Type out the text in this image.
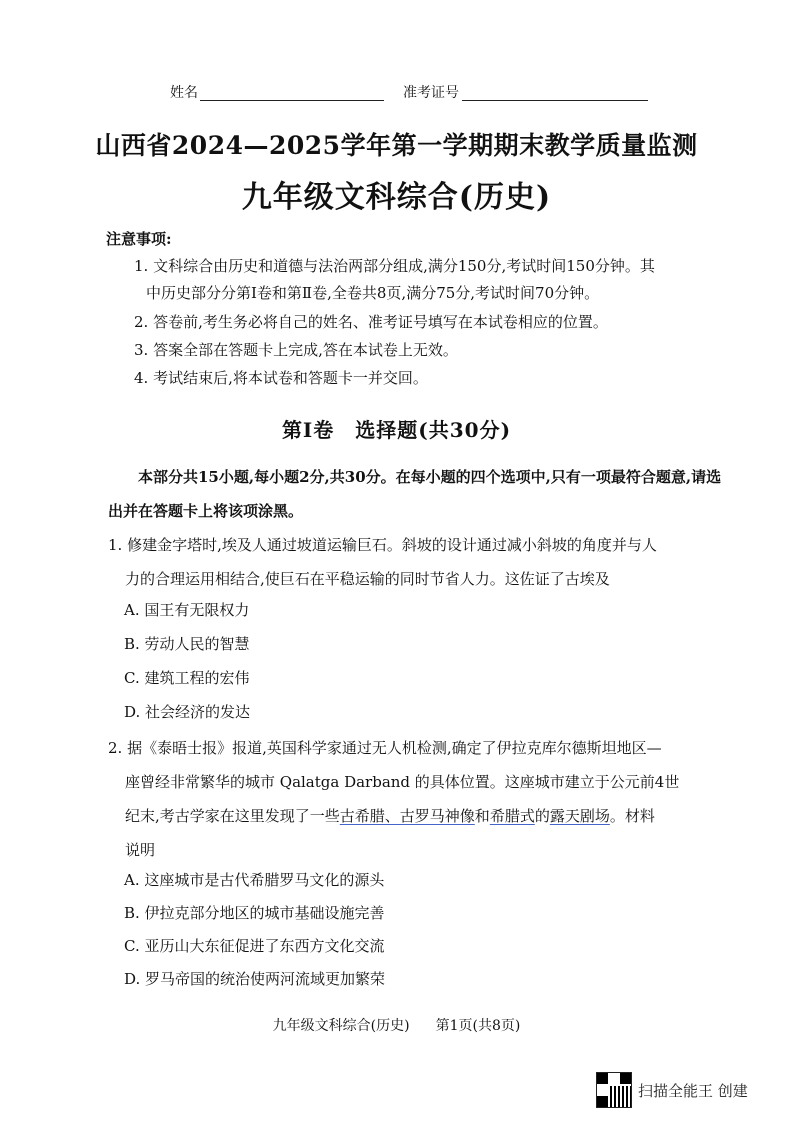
姓名	准考证号
山西省2024—2025学年第一学期期末教学质量监测
九年级文科综合(历史)
注意事项:
1. 文科综合由历史和道德与法治两部分组成,满分150分,考试时间150分钟。其
中历史部分分第Ⅰ卷和第Ⅱ卷,全卷共8页,满分75分,考试时间70分钟。
2. 答卷前,考生务必将自己的姓名、准考证号填写在本试卷相应的位置。
3. 答案全部在答题卡上完成,答在本试卷上无效。
4. 考试结束后,将本试卷和答题卡一并交回。
第Ⅰ卷　选择题(共30分)
本部分共15小题,每小题2分,共30分。在每小题的四个选项中,只有一项最符合题意,请选出并在答题卡上将该项涂黑。
1. 修建金字塔时,埃及人通过坡道运输巨石。斜坡的设计通过减小斜坡的角度并与人
力的合理运用相结合,使巨石在平稳运输的同时节省人力。这佐证了古埃及
A. 国王有无限权力
B. 劳动人民的智慧
C. 建筑工程的宏伟
D. 社会经济的发达
2. 据《泰晤士报》报道,英国科学家通过无人机检测,确定了伊拉克库尔德斯坦地区—
座曾经非常繁华的城市 Qalatga Darband 的具体位置。这座城市建立于公元前4世
纪末,考古学家在这里发现了一些古希腊、古罗马神像和希腊式的露天剧场。材料
说明
A. 这座城市是古代希腊罗马文化的源头
B. 伊拉克部分地区的城市基础设施完善
C. 亚历山大东征促进了东西方文化交流
D. 罗马帝国的统治使两河流域更加繁荣
九年级文科综合(历史) 第1页(共8页)
扫描全能王 创建
